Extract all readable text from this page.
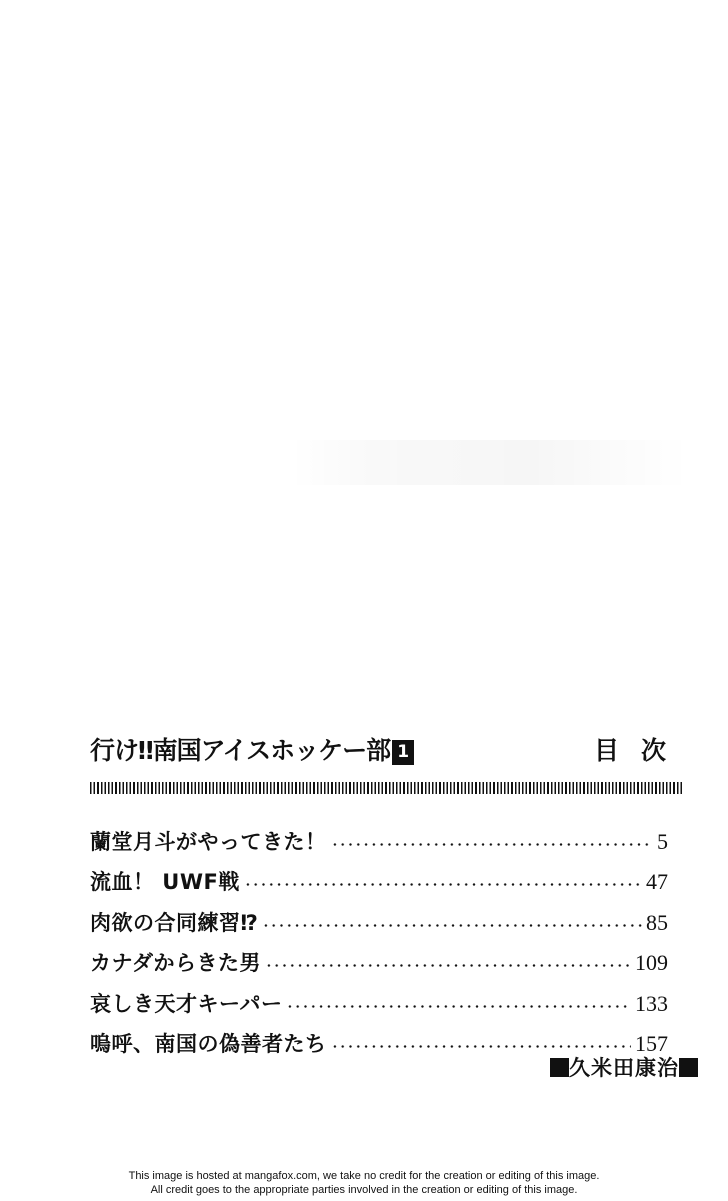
行け‼南国アイスホッケー部 1	目次
蘭堂月斗がやってきた！	5
流血！ UWF戦	47
肉欲の合同練習⁉	85
カナダからきた男	109
哀しき天才キーパー	133
嗚呼、南国の偽善者たち	157
久米田康治
This image is hosted at mangafox.com, we take no credit for the creation or editing of this image.
All credit goes to the appropriate parties involved in the creation or editing of this image.
